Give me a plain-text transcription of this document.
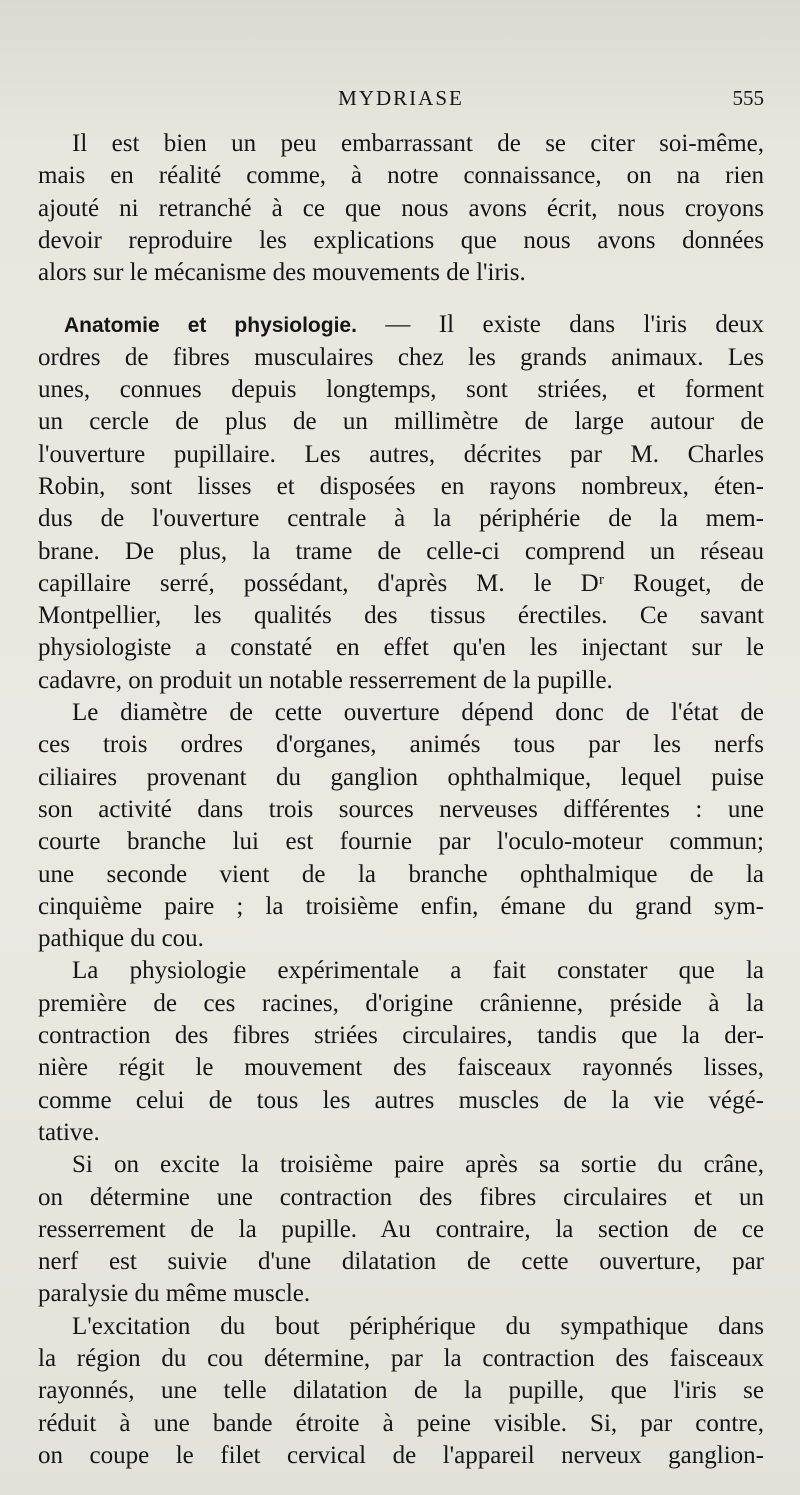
MYDRIASE	555
Il est bien un peu embarrassant de se citer soi-même,
mais en réalité comme, à notre connaissance, on na rien
ajouté ni retranché à ce que nous avons écrit, nous croyons
devoir reproduire les explications que nous avons données
alors sur le mécanisme des mouvements de l'iris.
Anatomie et physiologie. — Il existe dans l'iris deux
ordres de fibres musculaires chez les grands animaux. Les
unes, connues depuis longtemps, sont striées, et forment
un cercle de plus de un millimètre de large autour de
l'ouverture pupillaire. Les autres, décrites par M. Charles
Robin, sont lisses et disposées en rayons nombreux, éten-
dus de l'ouverture centrale à la périphérie de la mem-
brane. De plus, la trame de celle-ci comprend un réseau
capillaire serré, possédant, d'après M. le Dʳ Rouget, de
Montpellier, les qualités des tissus érectiles. Ce savant
physiologiste a constaté en effet qu'en les injectant sur le
cadavre, on produit un notable resserrement de la pupille.
Le diamètre de cette ouverture dépend donc de l'état de
ces trois ordres d'organes, animés tous par les nerfs
ciliaires provenant du ganglion ophthalmique, lequel puise
son activité dans trois sources nerveuses différentes : une
courte branche lui est fournie par l'oculo-moteur commun;
une seconde vient de la branche ophthalmique de la
cinquième paire ; la troisième enfin, émane du grand sym-
pathique du cou.
La physiologie expérimentale a fait constater que la
première de ces racines, d'origine crânienne, préside à la
contraction des fibres striées circulaires, tandis que la der-
nière régit le mouvement des faisceaux rayonnés lisses,
comme celui de tous les autres muscles de la vie végé-
tative.
Si on excite la troisième paire après sa sortie du crâne,
on détermine une contraction des fibres circulaires et un
resserrement de la pupille. Au contraire, la section de ce
nerf est suivie d'une dilatation de cette ouverture, par
paralysie du même muscle.
L'excitation du bout périphérique du sympathique dans
la région du cou détermine, par la contraction des faisceaux
rayonnés, une telle dilatation de la pupille, que l'iris se
réduit à une bande étroite à peine visible. Si, par contre,
on coupe le filet cervical de l'appareil nerveux ganglion-
